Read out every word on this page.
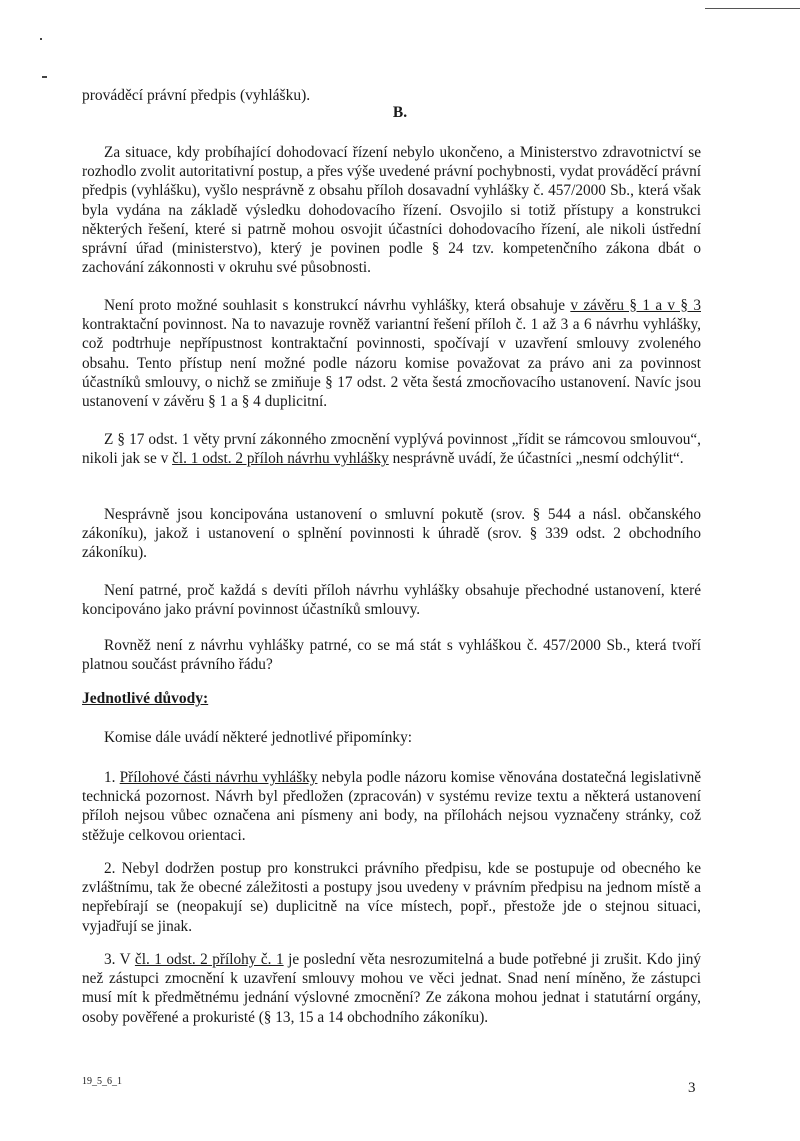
prováděcí právní předpis (vyhlášku).
B.

Za situace, kdy probíhající dohodovací řízení nebylo ukončeno, a Ministerstvo zdravotnictví se rozhodlo zvolit autoritativní postup, a přes výše uvedené právní pochybnosti, vydat prováděcí právní předpis (vyhlášku), vyšlo nesprávně z obsahu příloh dosavadní vyhlášky č. 457/2000 Sb., která však byla vydána na základě výsledku dohodovacího řízení. Osvojilo si totiž přístupy a konstrukci některých řešení, které si patrně mohou osvojit účastníci dohodovacího řízení, ale nikoli ústřední správní úřad (ministerstvo), který je povinen podle § 24 tzv. kompetenčního zákona dbát o zachování zákonnosti v okruhu své působnosti.

Není proto možné souhlasit s konstrukcí návrhu vyhlášky, která obsahuje v závěru § 1 a v § 3 kontraktační povinnost. Na to navazuje rovněž variantní řešení příloh č. 1 až 3 a 6 návrhu vyhlášky, což podtrhuje nepřípustnost kontraktační povinnosti, spočívají v uzavření smlouvy zvoleného obsahu. Tento přístup není možné podle názoru komise považovat za právo ani za povinnost účastníků smlouvy, o nichž se zmiňuje § 17 odst. 2 věta šestá zmocňovacího ustanovení. Navíc jsou ustanovení v závěru § 1 a § 4 duplicitní.

Z § 17 odst. 1 věty první zákonného zmocnění vyplývá povinnost „řídit se rámcovou smlouvou“, nikoli jak se v čl. 1 odst. 2 příloh návrhu vyhlášky nesprávně uvádí, že účastníci „nesmí odchýlit“.

Nesprávně jsou koncipována ustanovení o smluvní pokutě (srov. § 544 a násl. občanského zákoníku), jakož i ustanovení o splnění povinnosti k úhradě (srov. § 339 odst. 2 obchodního zákoníku).

Není patrné, proč každá s devíti příloh návrhu vyhlášky obsahuje přechodné ustanovení, které koncipováno jako právní povinnost účastníků smlouvy.

Rovněž není z návrhu vyhlášky patrné, co se má stát s vyhláškou č. 457/2000 Sb., která tvoří platnou součást právního řádu?

Jednotlivé důvody:

Komise dále uvádí některé jednotlivé připomínky:

1. Přílohové části návrhu vyhlášky nebyla podle názoru komise věnována dostatečná legislativně technická pozornost. Návrh byl předložen (zpracován) v systému revize textu a některá ustanovení příloh nejsou vůbec označena ani písmeny ani body, na přílohách nejsou vyznačeny stránky, což stěžuje celkovou orientaci.

2. Nebyl dodržen postup pro konstrukci právního předpisu, kde se postupuje od obecného ke zvláštnímu, tak že obecné záležitosti a postupy jsou uvedeny v právním předpisu na jednom místě a nepřebírají se (neopakují se) duplicitně na více místech, popř., přestože jde o stejnou situaci, vyjadřují se jinak.

3. V čl. 1 odst. 2 přílohy č. 1 je poslední věta nesrozumitelná a bude potřebné ji zrušit. Kdo jiný než zástupci zmocnění k uzavření smlouvy mohou ve věci jednat. Snad není míněno, že zástupci musí mít k předmětnému jednání výslovné zmocnění? Ze zákona mohou jednat i statutární orgány, osoby pověřené a prokuristé (§ 13, 15 a 14 obchodního zákoníku).

19_5_6_1	3
